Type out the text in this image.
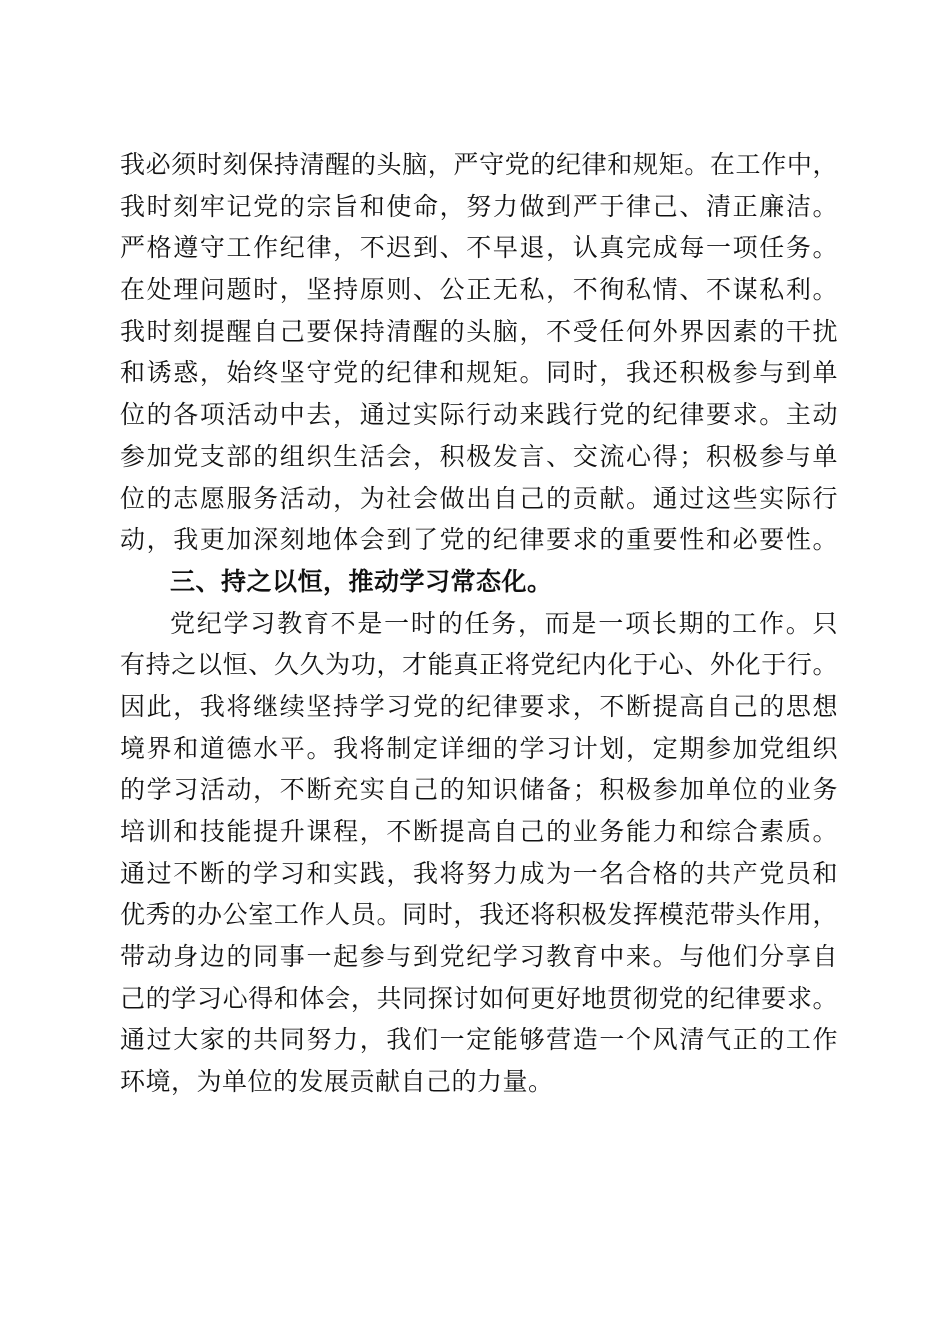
我必须时刻保持清醒的头脑，严守党的纪律和规矩。在工作中，
我时刻牢记党的宗旨和使命，努力做到严于律己、清正廉洁。
严格遵守工作纪律，不迟到、不早退，认真完成每一项任务。
在处理问题时，坚持原则、公正无私，不徇私情、不谋私利。
我时刻提醒自己要保持清醒的头脑，不受任何外界因素的干扰
和诱惑，始终坚守党的纪律和规矩。同时，我还积极参与到单
位的各项活动中去，通过实际行动来践行党的纪律要求。主动
参加党支部的组织生活会，积极发言、交流心得；积极参与单
位的志愿服务活动，为社会做出自己的贡献。通过这些实际行
动，我更加深刻地体会到了党的纪律要求的重要性和必要性。
三、持之以恒，推动学习常态化。
党纪学习教育不是一时的任务，而是一项长期的工作。只
有持之以恒、久久为功，才能真正将党纪内化于心、外化于行。
因此，我将继续坚持学习党的纪律要求，不断提高自己的思想
境界和道德水平。我将制定详细的学习计划，定期参加党组织
的学习活动，不断充实自己的知识储备；积极参加单位的业务
培训和技能提升课程，不断提高自己的业务能力和综合素质。
通过不断的学习和实践，我将努力成为一名合格的共产党员和
优秀的办公室工作人员。同时，我还将积极发挥模范带头作用，
带动身边的同事一起参与到党纪学习教育中来。与他们分享自
己的学习心得和体会，共同探讨如何更好地贯彻党的纪律要求。
通过大家的共同努力，我们一定能够营造一个风清气正的工作
环境，为单位的发展贡献自己的力量。
